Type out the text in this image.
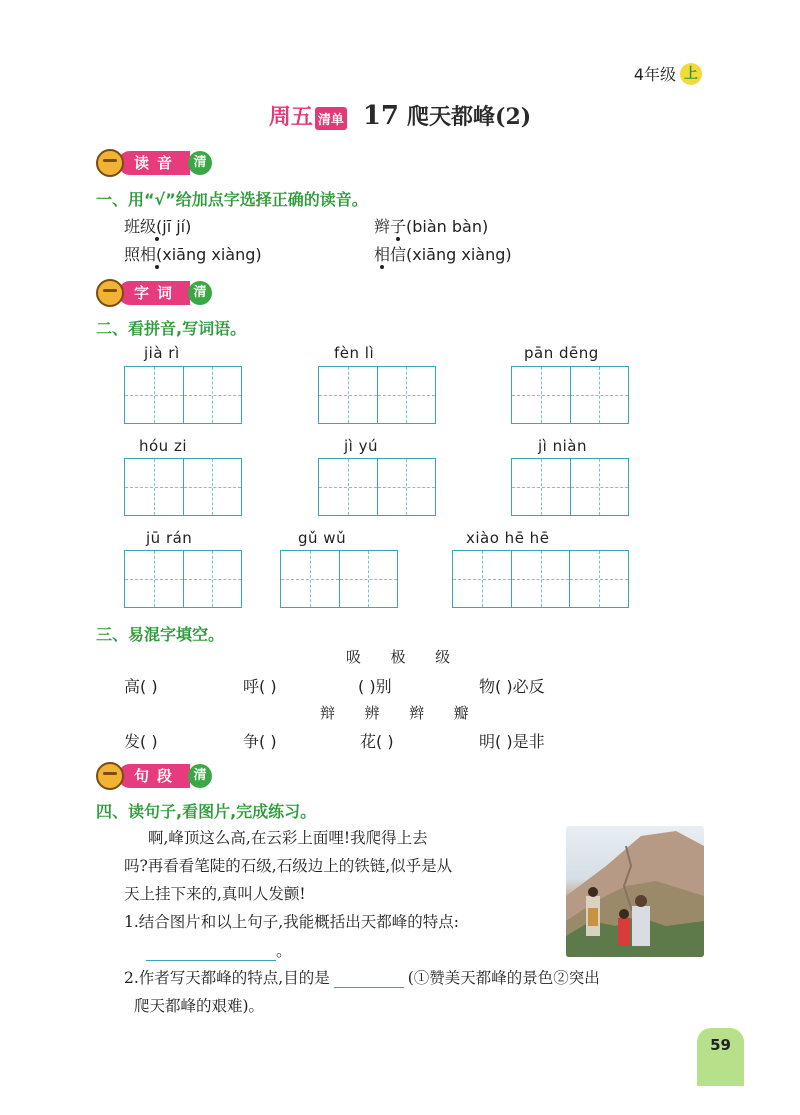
4年级 上
周五 清单 17 爬天都峰(2)
读音	清
一、用“√”给加点字选择正确的读音。
班级(jī jí)	辫子(biàn bàn)
照相(xiāng xiàng)	相信(xiāng xiàng)
字词	清
二、看拼音,写词语。
jià rì	fèn lì	pān dēng
hóu zi	jì yú	jì niàn
jū rán	gǔ wǔ	xiào hē hē
三、易混字填空。
吸  极  级
高( )	呼( )	( )别	物( )必反
辩  辨  辫  瓣
发( )	争( )	花( )	明( )是非
句段	清
四、读句子,看图片,完成练习。
啊,峰顶这么高,在云彩上面哩!我爬得上去
吗?再看看笔陡的石级,石级边上的铁链,似乎是从
天上挂下来的,真叫人发颤!
1.结合图片和以上句子,我能概括出天都峰的特点:
。
2.作者写天都峰的特点,目的是	(①赞美天都峰的景色②突出
爬天都峰的艰难)。
59
